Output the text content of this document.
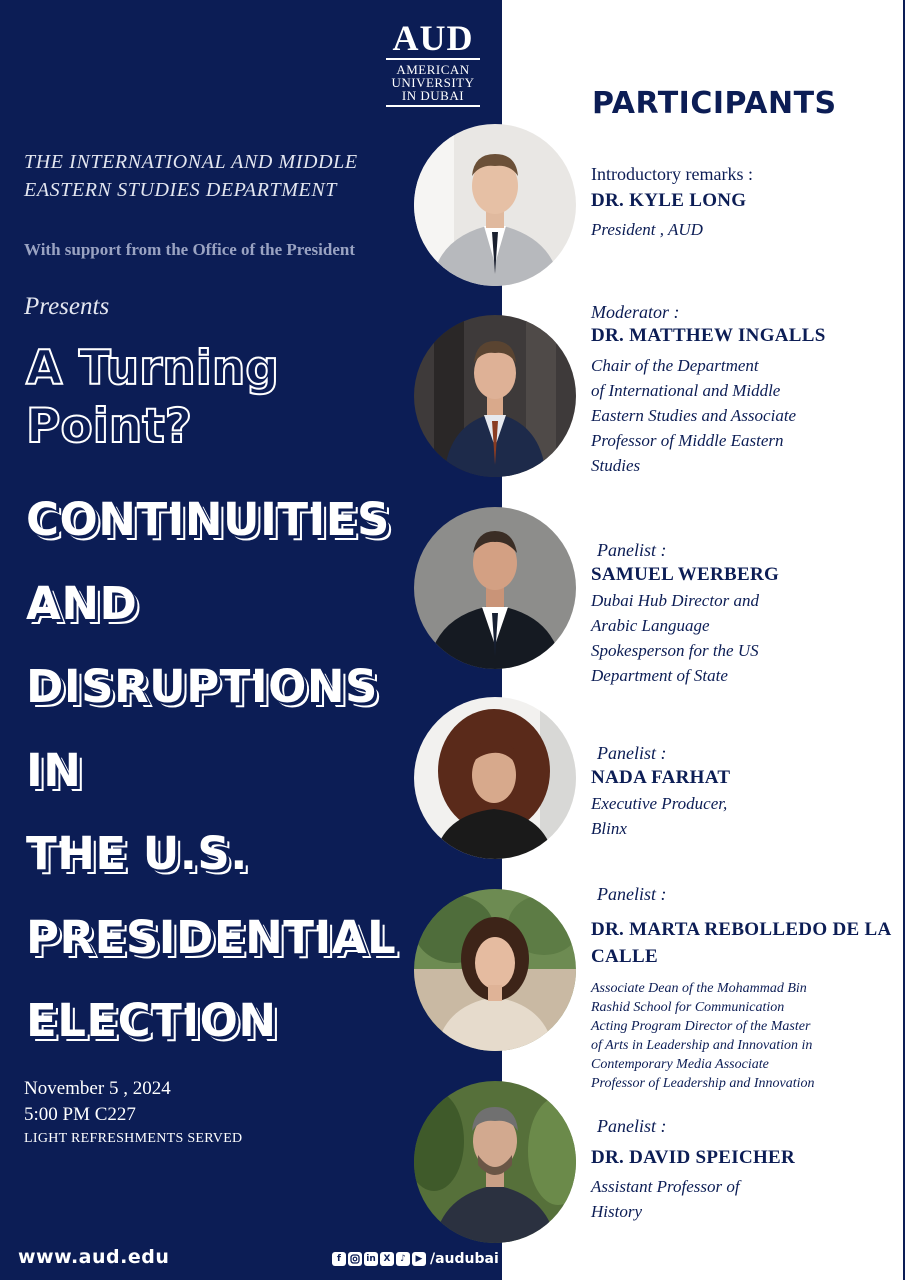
AUD
AMERICAN
UNIVERSITY
IN DUBAI
THE INTERNATIONAL AND MIDDLE EASTERN STUDIES DEPARTMENT
With support from the Office of the President
Presents
A Turning
Point?
CONTINUITIES
AND
DISRUPTIONS
IN
THE U.S.
PRESIDENTIAL
ELECTION
November 5 , 2024
5:00 PM C227
LIGHT REFRESHMENTS SERVED
www.aud.edu	f	in X	♪	▶ /audubai
PARTICIPANTS
Introductory remarks :
DR. KYLE LONG
President , AUD
Moderator :
DR. MATTHEW INGALLS
Chair of the Department
of International and Middle
Eastern Studies and Associate
Professor of Middle Eastern
Studies
Panelist :
SAMUEL WERBERG
Dubai Hub Director and
Arabic Language
Spokesperson for the US
Department of State
Panelist :
NADA FARHAT
Executive Producer,
Blinx
Panelist :
DR. MARTA REBOLLEDO DE LA CALLE
Associate Dean of the Mohammad Bin
Rashid School for Communication
Acting Program Director of the Master
of Arts in Leadership and Innovation in
Contemporary Media Associate
Professor of Leadership and Innovation
Panelist :
DR. DAVID SPEICHER
Assistant Professor of
History
